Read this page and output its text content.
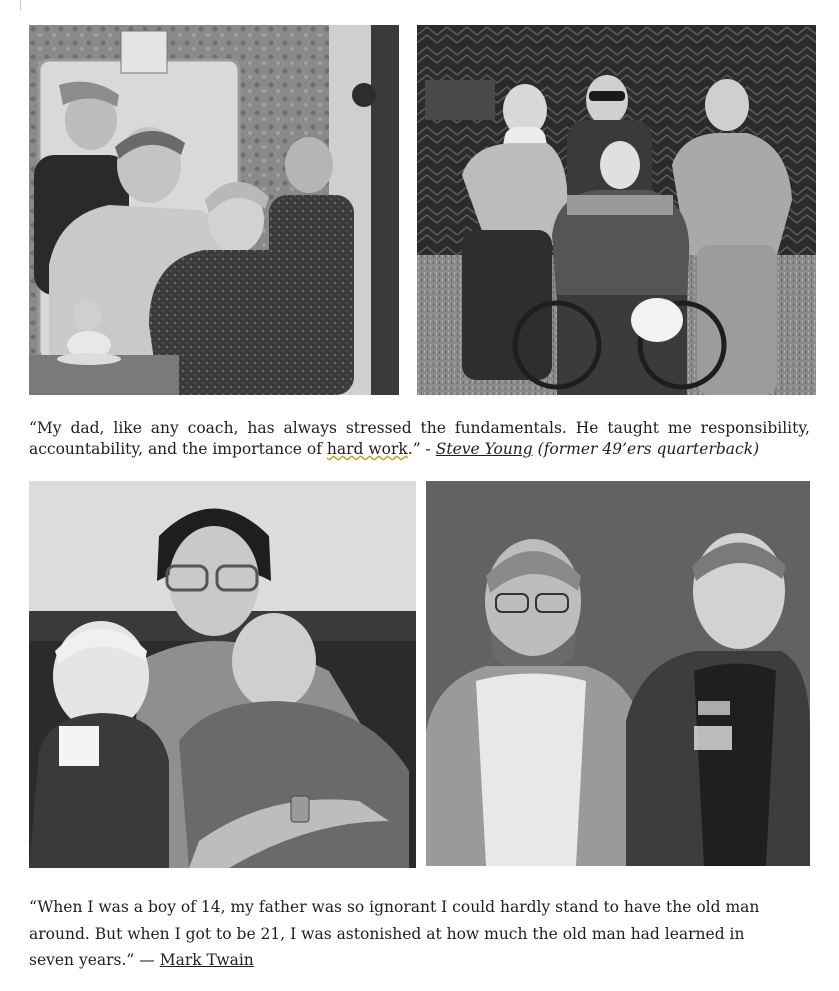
“My dad, like any coach, has always stressed the fundamentals. He taught me responsibility, accountability, and the importance of hard work.” - Steve Young (former 49’ers quarterback)
“When I was a boy of 14, my father was so ignorant I could hardly stand to have the old man around. But when I got to be 21, I was astonished at how much the old man had learned in seven years.” — Mark Twain
